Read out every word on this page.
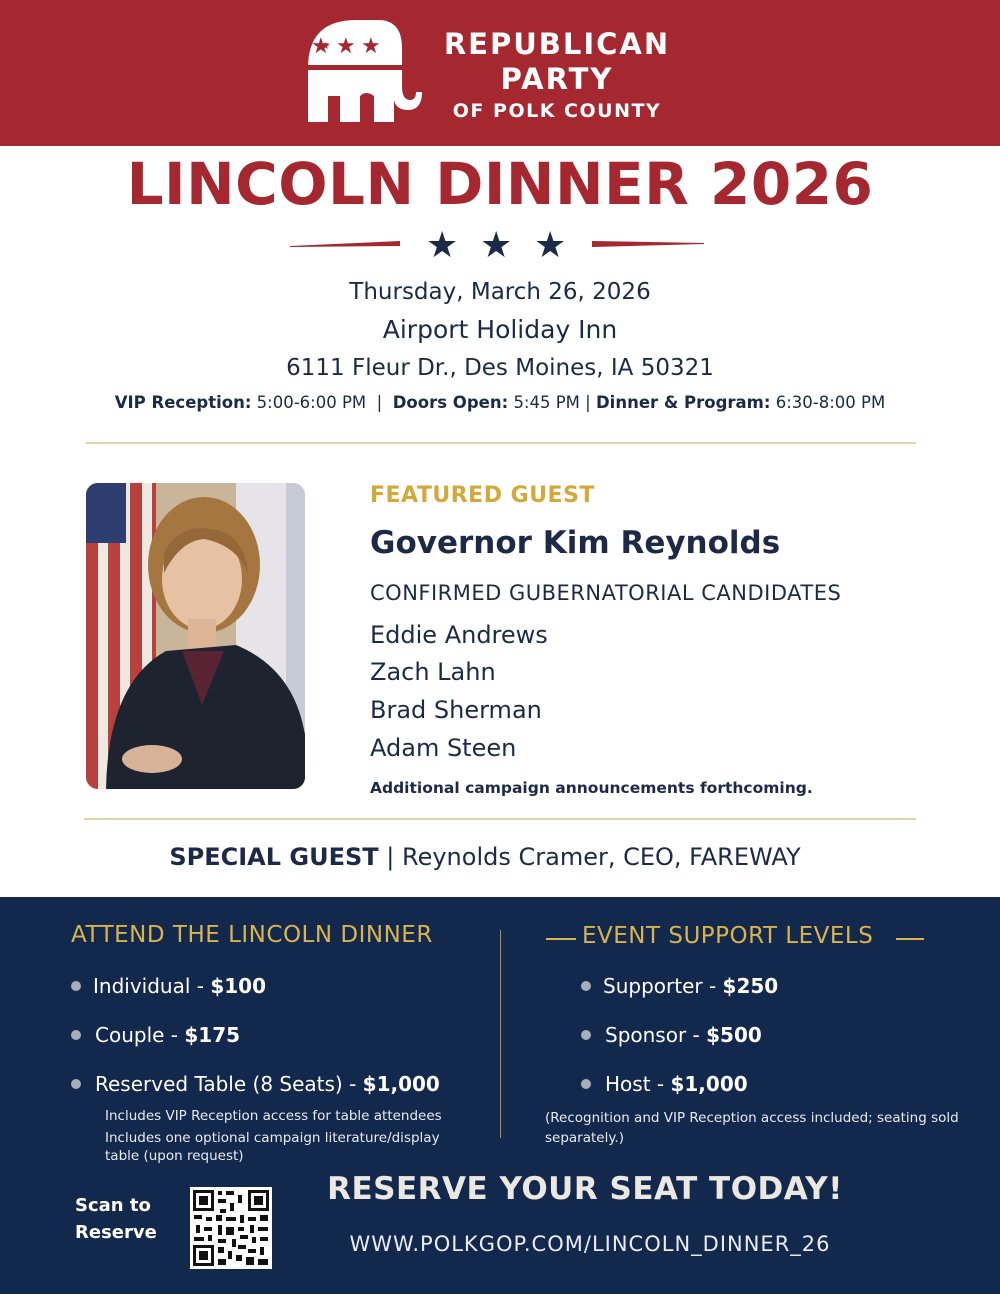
★ ★ ★	REPUBLICAN
PARTY
OF POLK COUNTY
LINCOLN DINNER 2026
★ ★ ★
Thursday, March 26, 2026
Airport Holiday Inn
6111 Fleur Dr., Des Moines, IA 50321
VIP Reception: 5:00-6:00 PM  |  Doors Open: 5:45 PM | Dinner & Program: 6:30-8:00 PM
FEATURED GUEST
Governor Kim Reynolds
CONFIRMED GUBERNATORIAL CANDIDATES
Eddie Andrews
Zach Lahn
Brad Sherman
Adam Steen
Additional campaign announcements forthcoming.
SPECIAL GUEST | Reynolds Cramer, CEO, FAREWAY
ATTEND THE LINCOLN DINNER	EVENT SUPPORT LEVELS
Individual - $100
Couple - $175
Reserved Table (8 Seats) - $1,000
Includes VIP Reception access for table attendees
Includes one optional campaign literature/display table (upon request)
Supporter - $250
Sponsor - $500
Host - $1,000
(Recognition and VIP Reception access included; seating sold separately.)
Scan to
Reserve
RESERVE YOUR SEAT TODAY!
WWW.POLKGOP.COM/LINCOLN_DINNER_26
